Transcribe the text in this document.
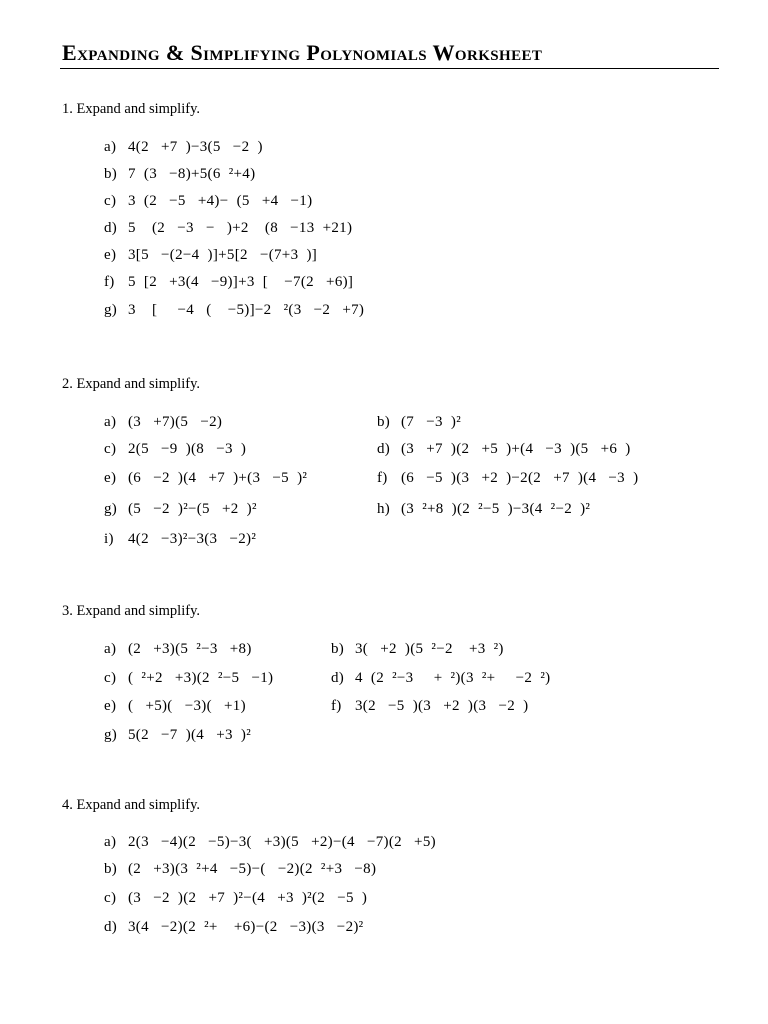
Expanding & Simplifying Polynomials Worksheet
1. Expand and simplify.
a) 4(2   +7  )−3(5   −2  )
b) 7  (3   −8)+5(6  ²+4)
c) 3  (2   −5   +4)−  (5   +4   −1)
d) 5    (2   −3   −   )+2    (8   −13  +21)
e) 3[5   −(2−4  )]+5[2   −(7+3  )]
f) 5  [2   +3(4   −9)]+3  [    −7(2   +6)]
g) 3    [     −4   (    −5)]−2   ²(3   −2   +7)
2. Expand and simplify.
a) (3   +7)(5   −2)	b) (7   −3  )²
c) 2(5   −9  )(8   −3  )	d) (3   +7  )(2   +5  )+(4   −3  )(5   +6  )
e) (6   −2  )(4   +7  )+(3   −5  )²	f) (6   −5  )(3   +2  )−2(2   +7  )(4   −3  )
g) (5   −2  )²−(5   +2  )²	h) (3  ²+8  )(2  ²−5  )−3(4  ²−2  )²
i) 4(2   −3)²−3(3   −2)²
3. Expand and simplify.
a) (2   +3)(5  ²−3   +8)	b) 3(   +2  )(5  ²−2    +3  ²)
c) (  ²+2   +3)(2  ²−5   −1)	d) 4  (2  ²−3     +  ²)(3  ²+     −2  ²)
e) (   +5)(   −3)(   +1)	f) 3(2   −5  )(3   +2  )(3   −2  )
g) 5(2   −7  )(4   +3  )²
4. Expand and simplify.
a) 2(3   −4)(2   −5)−3(   +3)(5   +2)−(4   −7)(2   +5)
b) (2   +3)(3  ²+4   −5)−(   −2)(2  ²+3   −8)
c) (3   −2  )(2   +7  )²−(4   +3  )²(2   −5  )
d) 3(4   −2)(2  ²+    +6)−(2   −3)(3   −2)²
